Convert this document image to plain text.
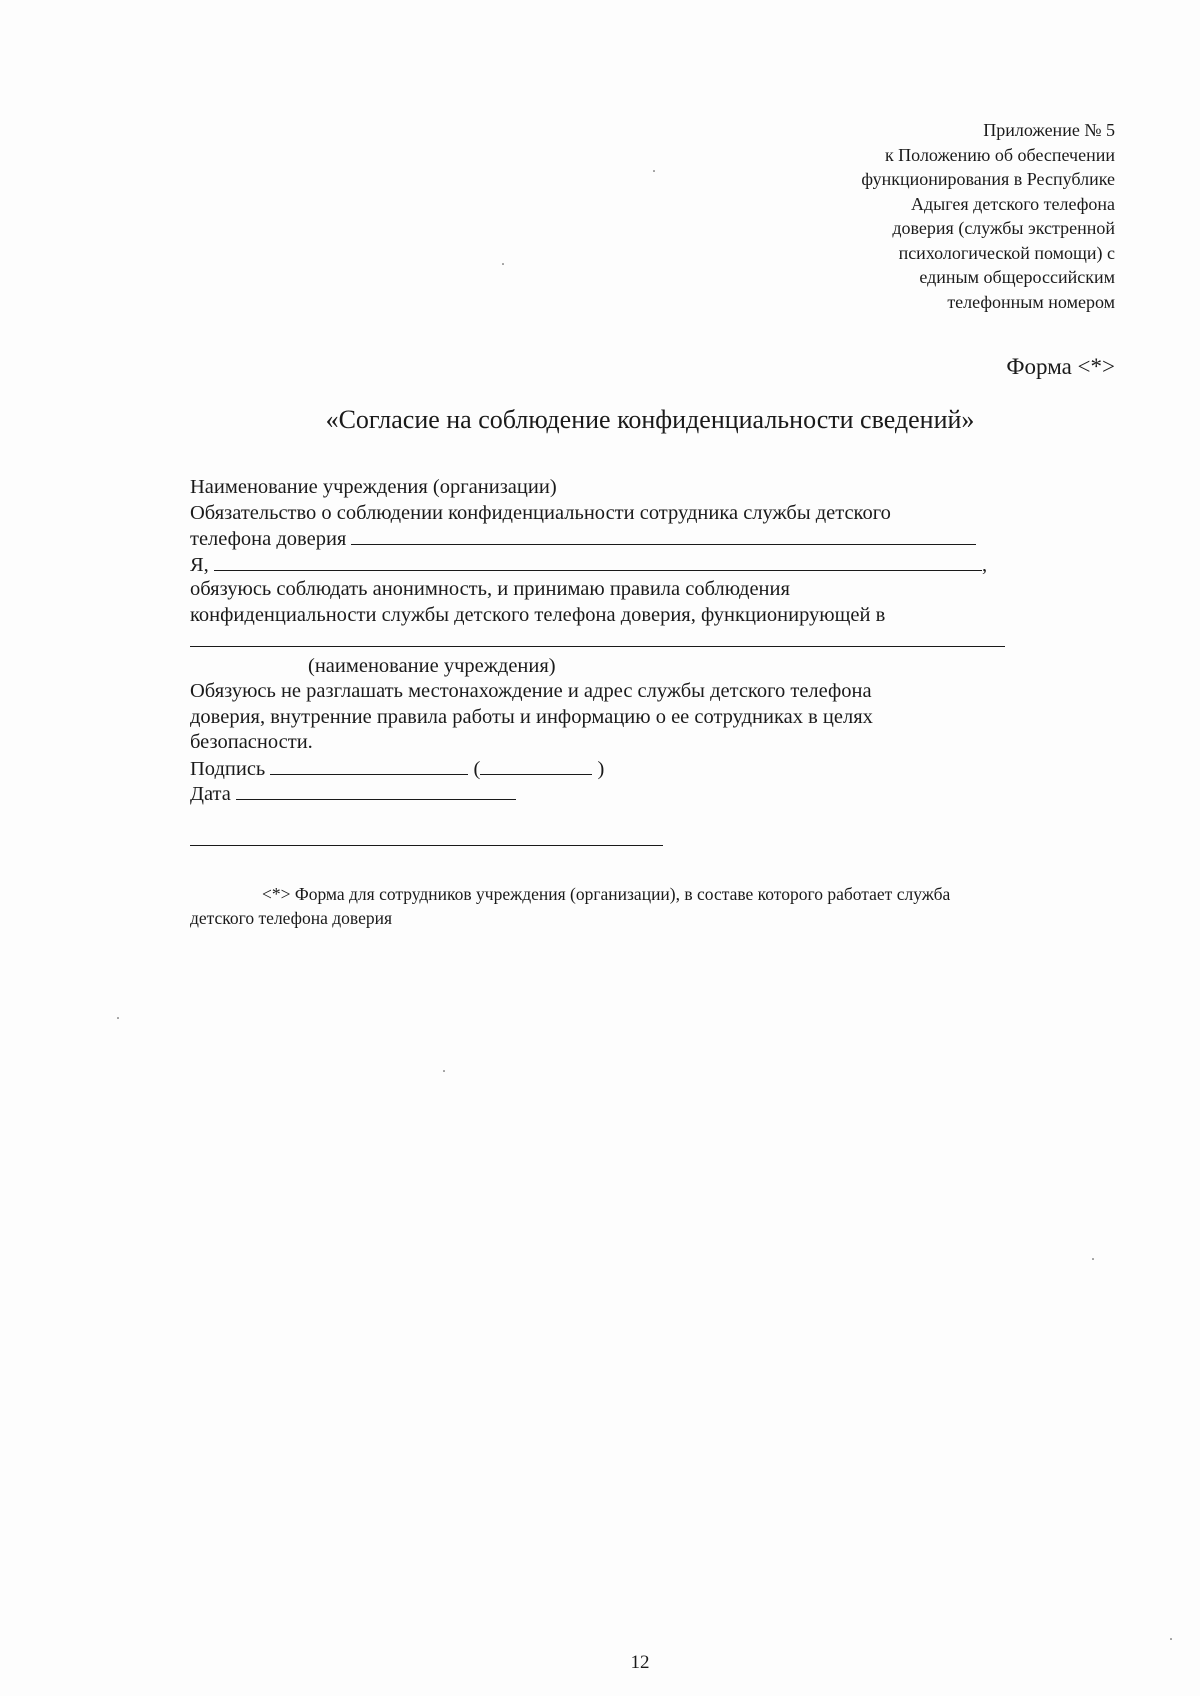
Приложение № 5
к Положению об обеспечении
функционирования в Республике
Адыгея детского телефона
доверия (службы экстренной
психологической помощи) с
единым общероссийским
телефонным номером
Форма <*>
«Согласие на соблюдение конфиденциальности сведений»
Наименование учреждения (организации)
Обязательство о соблюдении конфиденциальности сотрудника службы детского
телефона доверия
Я,	,
обязуюсь соблюдать анонимность, и принимаю правила соблюдения
конфиденциальности службы детского телефона доверия, функционирующей в
(наименование учреждения)
Обязуюсь не разглашать местонахождение и адрес службы детского телефона
доверия, внутренние правила работы и информацию о ее сотрудниках в целях
безопасности.
Подпись	(	)
Дата
<*> Форма для сотрудников учреждения (организации), в составе которого работает служба
детского телефона доверия
12
